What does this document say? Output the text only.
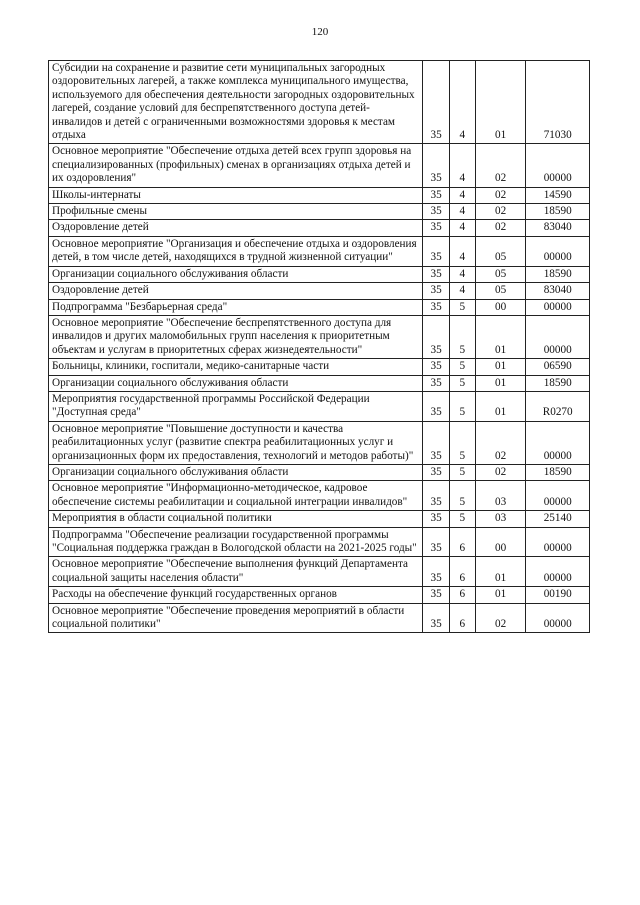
120
Субсидии на сохранение и развитие сети муниципальных загородных оздоровительных лагерей, а также комплекса муниципального имущества, используемого для обеспечения деятельности загородных оздоровительных лагерей, создание условий для беспрепятственного доступа детей-инвалидов и детей с ограниченными возможностями здоровья к местам отдыха	35	4	01	71030
Основное мероприятие "Обеспечение отдыха детей всех групп здоровья на специализированных (профильных) сменах в организациях отдыха детей и их оздоровления"	35	4	02	00000
Школы-интернаты	35	4	02	14590
Профильные смены	35	4	02	18590
Оздоровление детей	35	4	02	83040
Основное мероприятие "Организация и обеспечение отдыха и оздоровления детей, в том числе детей, находящихся в трудной жизненной ситуации"	35	4	05	00000
Организации социального обслуживания области	35	4	05	18590
Оздоровление детей	35	4	05	83040
Подпрограмма "Безбарьерная среда"	35	5	00	00000
Основное мероприятие "Обеспечение беспрепятственного доступа для инвалидов и других маломобильных групп населения к приоритетным объектам и услугам в приоритетных сферах жизнедеятельности"	35	5	01	00000
Больницы, клиники, госпитали, медико-санитарные части	35	5	01	06590
Организации социального обслуживания области	35	5	01	18590
Мероприятия государственной программы Российской Федерации "Доступная среда"	35	5	01	R0270
Основное мероприятие "Повышение доступности и качества реабилитационных услуг (развитие спектра реабилитационных услуг и организационных форм их предоставления, технологий и методов работы)"	35	5	02	00000
Организации социального обслуживания области	35	5	02	18590
Основное мероприятие "Информационно-методическое, кадровое обеспечение системы реабилитации и социальной интеграции инвалидов"	35	5	03	00000
Мероприятия в области социальной политики	35	5	03	25140
Подпрограмма "Обеспечение реализации государственной программы "Социальная поддержка граждан в Вологодской области на 2021-2025 годы"	35	6	00	00000
Основное мероприятие "Обеспечение выполнения функций Департамента социальной защиты населения области"	35	6	01	00000
Расходы на обеспечение функций государственных органов	35	6	01	00190
Основное мероприятие "Обеспечение проведения мероприятий в области социальной политики"	35	6	02	00000
